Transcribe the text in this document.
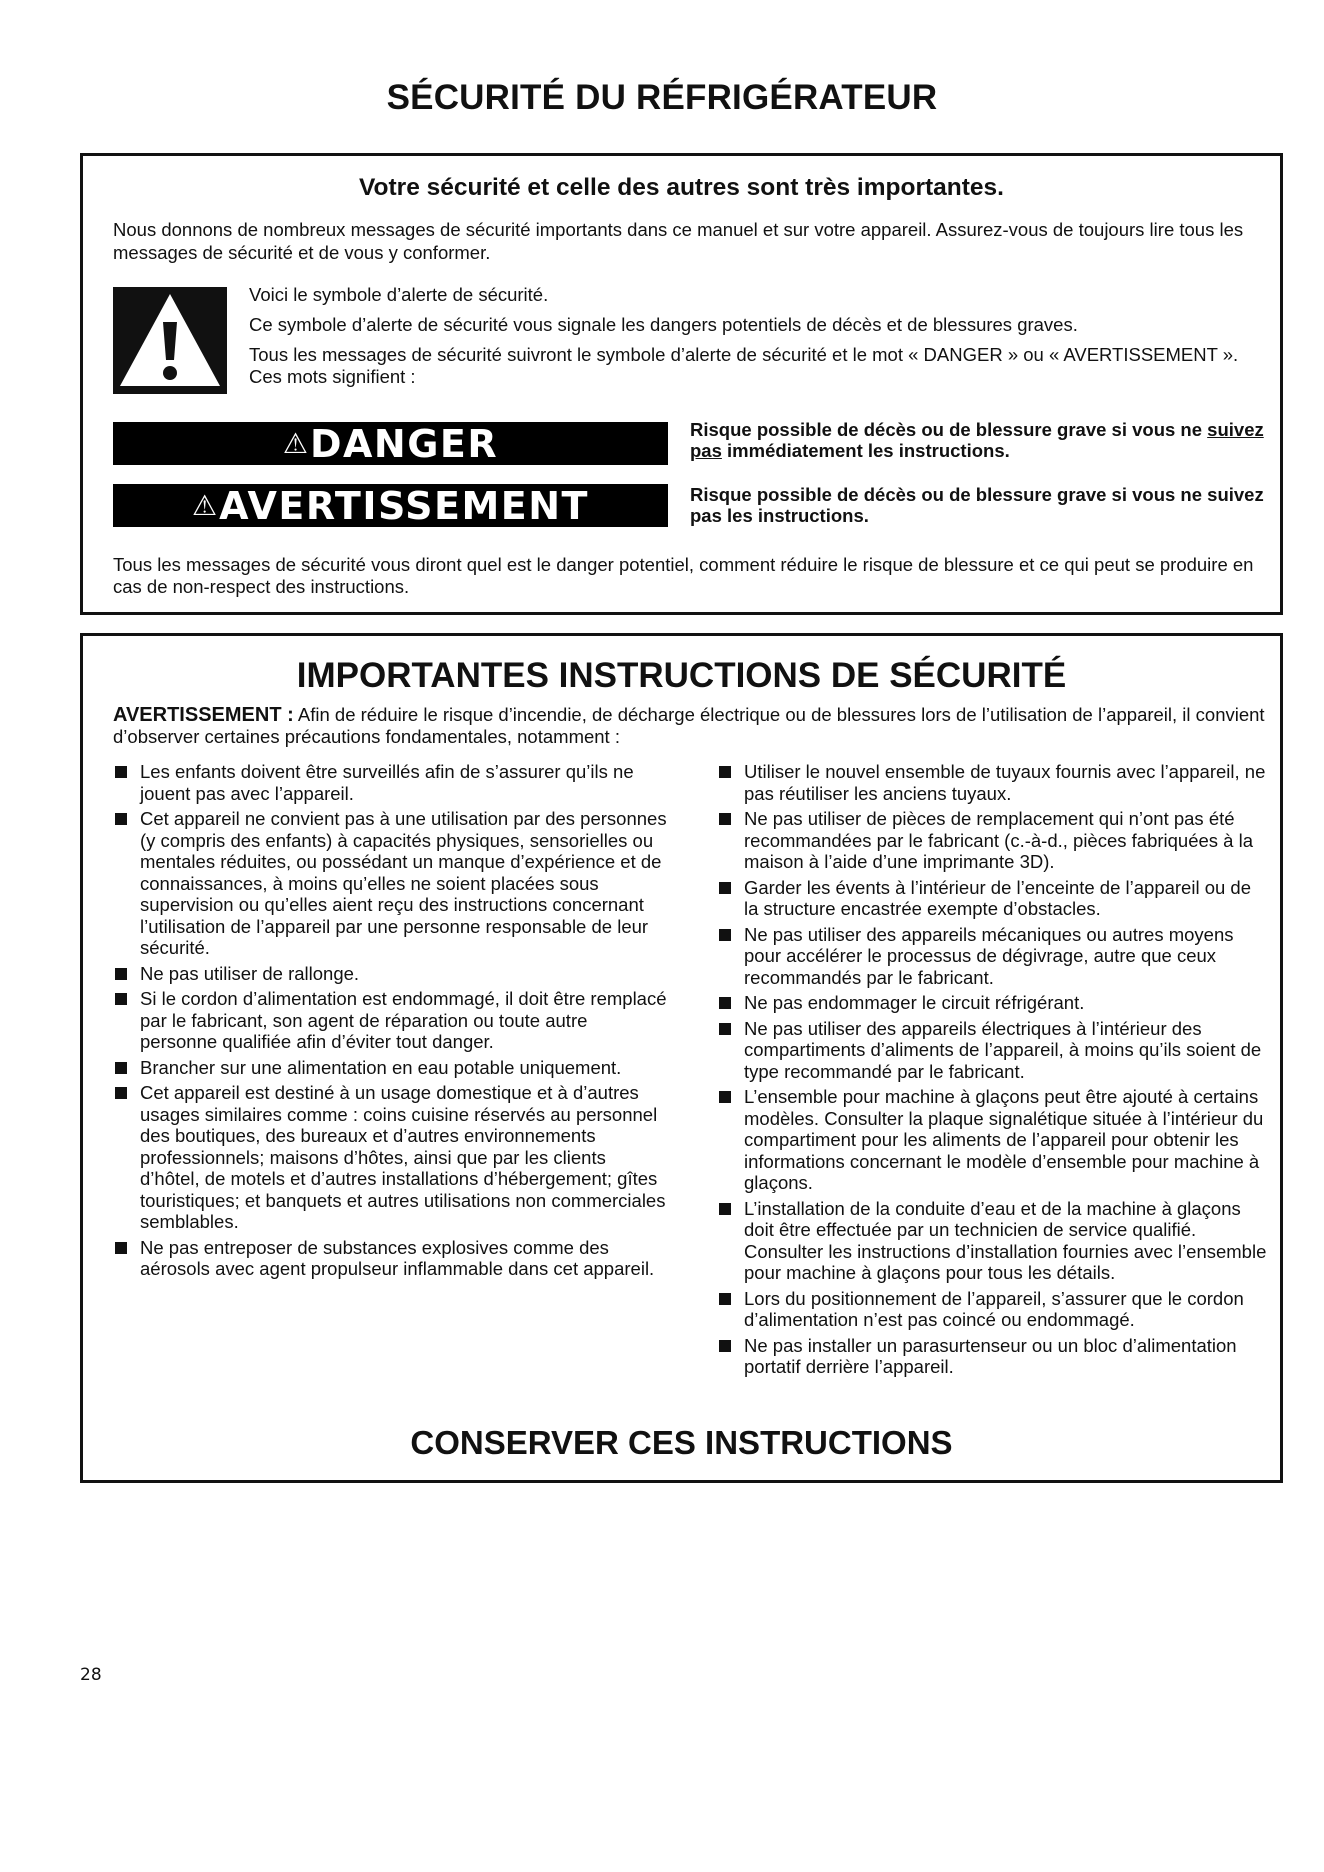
SÉCURITÉ DU RÉFRIGÉRATEUR
Votre sécurité et celle des autres sont très importantes.

Nous donnons de nombreux messages de sécurité importants dans ce manuel et sur votre appareil. Assurez-vous de toujours lire tous les messages de sécurité et de vous y conformer.

Voici le symbole d’alerte de sécurité.

Ce symbole d’alerte de sécurité vous signale les dangers potentiels de décès et de blessures graves.

Tous les messages de sécurité suivront le symbole d’alerte de sécurité et le mot « DANGER » ou « AVERTISSEMENT ». Ces mots signifient :

⚠ DANGER	Risque possible de décès ou de blessure grave si vous ne suivez pas immédiatement les instructions.

⚠ AVERTISSEMENT	Risque possible de décès ou de blessure grave si vous ne suivez pas les instructions.

Tous les messages de sécurité vous diront quel est le danger potentiel, comment réduire le risque de blessure et ce qui peut se produire en cas de non-respect des instructions.

IMPORTANTES INSTRUCTIONS DE SÉCURITÉ

AVERTISSEMENT : Afin de réduire le risque d’incendie, de décharge électrique ou de blessures lors de l’utilisation de l’appareil, il convient d’observer certaines précautions fondamentales, notamment :

Les enfants doivent être surveillés afin de s’assurer qu’ils ne jouent pas avec l’appareil.
Cet appareil ne convient pas à une utilisation par des personnes (y compris des enfants) à capacités physiques, sensorielles ou mentales réduites, ou possédant un manque d’expérience et de connaissances, à moins qu’elles ne soient placées sous supervision ou qu’elles aient reçu des instructions concernant l’utilisation de l’appareil par une personne responsable de leur sécurité.
Ne pas utiliser de rallonge.
Si le cordon d’alimentation est endommagé, il doit être remplacé par le fabricant, son agent de réparation ou toute autre personne qualifiée afin d’éviter tout danger.
Brancher sur une alimentation en eau potable uniquement.
Cet appareil est destiné à un usage domestique et à d’autres usages similaires comme : coins cuisine réservés au personnel des boutiques, des bureaux et d’autres environnements professionnels; maisons d’hôtes, ainsi que par les clients d’hôtel, de motels et d’autres installations d’hébergement; gîtes touristiques; et banquets et autres utilisations non commerciales semblables.
Ne pas entreposer de substances explosives comme des aérosols avec agent propulseur inflammable dans cet appareil.
Utiliser le nouvel ensemble de tuyaux fournis avec l’appareil, ne pas réutiliser les anciens tuyaux.
Ne pas utiliser de pièces de remplacement qui n’ont pas été recommandées par le fabricant (c.-à-d., pièces fabriquées à la maison à l’aide d’une imprimante 3D).
Garder les évents à l’intérieur de l’enceinte de l’appareil ou de la structure encastrée exempte d’obstacles.
Ne pas utiliser des appareils mécaniques ou autres moyens pour accélérer le processus de dégivrage, autre que ceux recommandés par le fabricant.
Ne pas endommager le circuit réfrigérant.
Ne pas utiliser des appareils électriques à l’intérieur des compartiments d’aliments de l’appareil, à moins qu’ils soient de type recommandé par le fabricant.
L’ensemble pour machine à glaçons peut être ajouté à certains modèles. Consulter la plaque signalétique située à l’intérieur du compartiment pour les aliments de l’appareil pour obtenir les informations concernant le modèle d’ensemble pour machine à glaçons.
L’installation de la conduite d’eau et de la machine à glaçons doit être effectuée par un technicien de service qualifié. Consulter les instructions d’installation fournies avec l’ensemble pour machine à glaçons pour tous les détails.
Lors du positionnement de l’appareil, s’assurer que le cordon d’alimentation n’est pas coincé ou endommagé.
Ne pas installer un parasurtenseur ou un bloc d’alimentation portatif derrière l’appareil.
CONSERVER CES INSTRUCTIONS
28
